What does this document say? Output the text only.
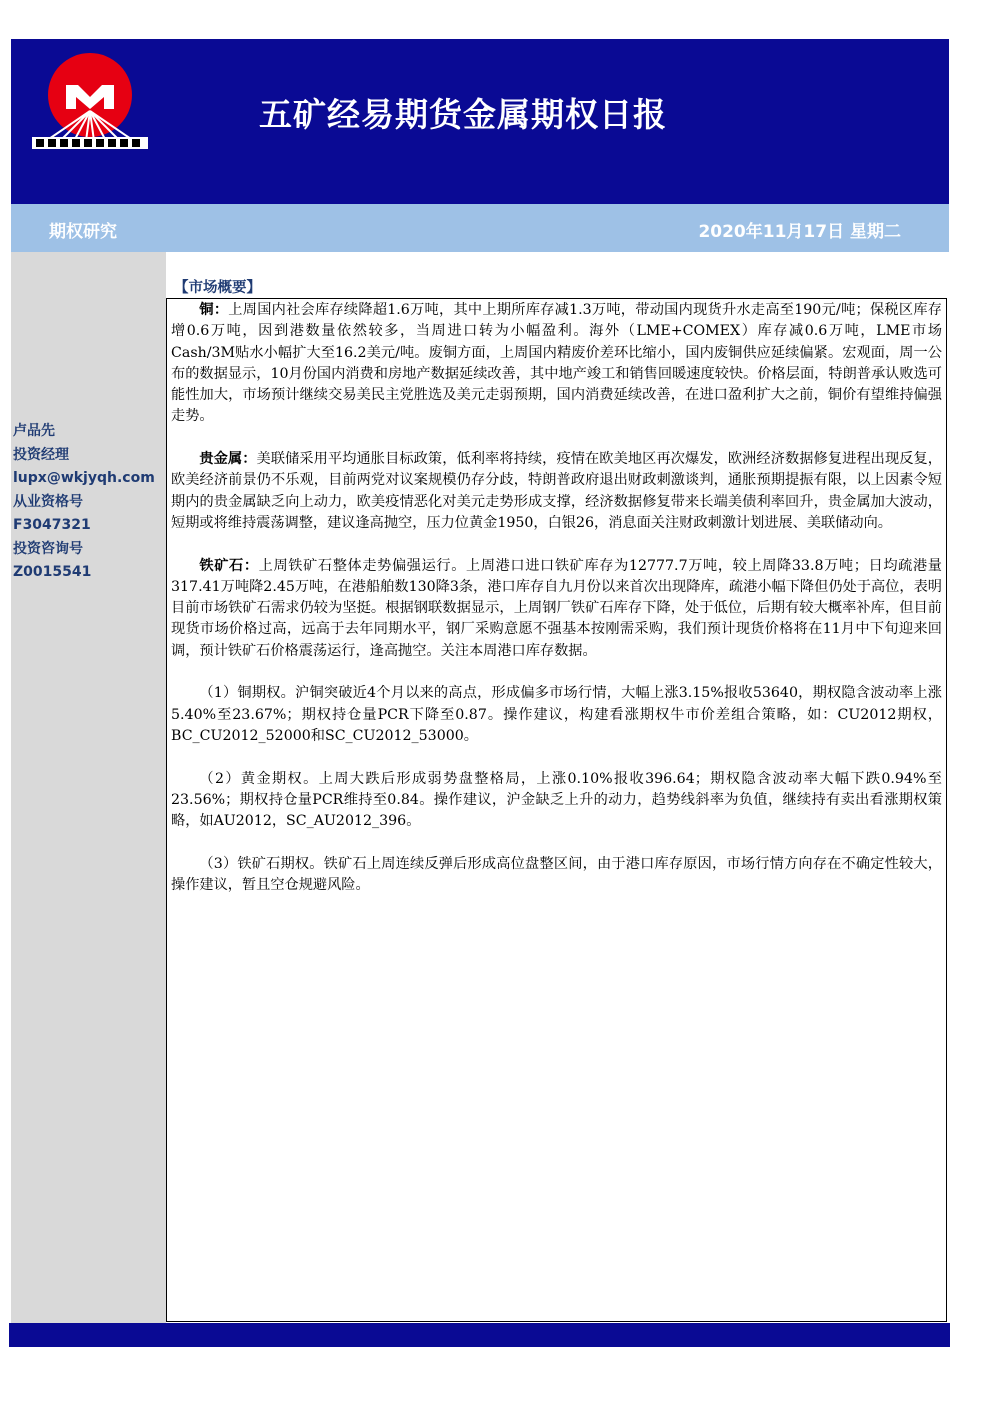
五矿经易期货金属期权日报
期权研究	2020年11月17日 星期二
卢品先
投资经理
lupx@wkjyqh.com
从业资格号
F3047321
投资咨询号
Z0015541
【市场概要】

铜：上周国内社会库存续降超1.6万吨，其中上期所库存减1.3万吨，带动国内现货升水走高至190元/吨；保税区库存增0.6万吨，因到港数量依然较多，当周进口转为小幅盈利。海外（LME+COMEX）库存减0.6万吨，LME市场Cash/3M贴水小幅扩大至16.2美元/吨。废铜方面，上周国内精废价差环比缩小，国内废铜供应延续偏紧。宏观面，周一公布的数据显示，10月份国内消费和房地产数据延续改善，其中地产竣工和销售回暖速度较快。价格层面，特朗普承认败选可能性加大，市场预计继续交易美民主党胜选及美元走弱预期，国内消费延续改善，在进口盈利扩大之前，铜价有望维持偏强走势。

贵金属：美联储采用平均通胀目标政策，低利率将持续，疫情在欧美地区再次爆发，欧洲经济数据修复进程出现反复，欧美经济前景仍不乐观，目前两党对议案规模仍存分歧，特朗普政府退出财政刺激谈判，通胀预期提振有限，以上因素令短期内的贵金属缺乏向上动力，欧美疫情恶化对美元走势形成支撑，经济数据修复带来长端美债利率回升，贵金属加大波动，短期或将维持震荡调整，建议逢高抛空，压力位黄金1950，白银26，消息面关注财政刺激计划进展、美联储动向。

铁矿石：上周铁矿石整体走势偏强运行。上周港口进口铁矿库存为12777.7万吨，较上周降33.8万吨；日均疏港量317.41万吨降2.45万吨，在港船舶数130降3条，港口库存自九月份以来首次出现降库，疏港小幅下降但仍处于高位，表明目前市场铁矿石需求仍较为坚挺。根据钢联数据显示，上周钢厂铁矿石库存下降，处于低位，后期有较大概率补库，但目前现货市场价格过高，远高于去年同期水平，钢厂采购意愿不强基本按刚需采购，我们预计现货价格将在11月中下旬迎来回调，预计铁矿石价格震荡运行，逢高抛空。关注本周港口库存数据。

（1）铜期权。沪铜突破近4个月以来的高点，形成偏多市场行情，大幅上涨3.15%报收53640，期权隐含波动率上涨5.40%至23.67%；期权持仓量PCR下降至0.87。操作建议，构建看涨期权牛市价差组合策略，如：CU2012期权，BC_CU2012_52000和SC_CU2012_53000。

（2）黄金期权。上周大跌后形成弱势盘整格局，上涨0.10%报收396.64；期权隐含波动率大幅下跌0.94%至23.56%；期权持仓量PCR维持至0.84。操作建议，沪金缺乏上升的动力，趋势线斜率为负值，继续持有卖出看涨期权策略，如AU2012，SC_AU2012_396。

（3）铁矿石期权。铁矿石上周连续反弹后形成高位盘整区间，由于港口库存原因，市场行情方向存在不确定性较大，操作建议，暂且空仓规避风险。
